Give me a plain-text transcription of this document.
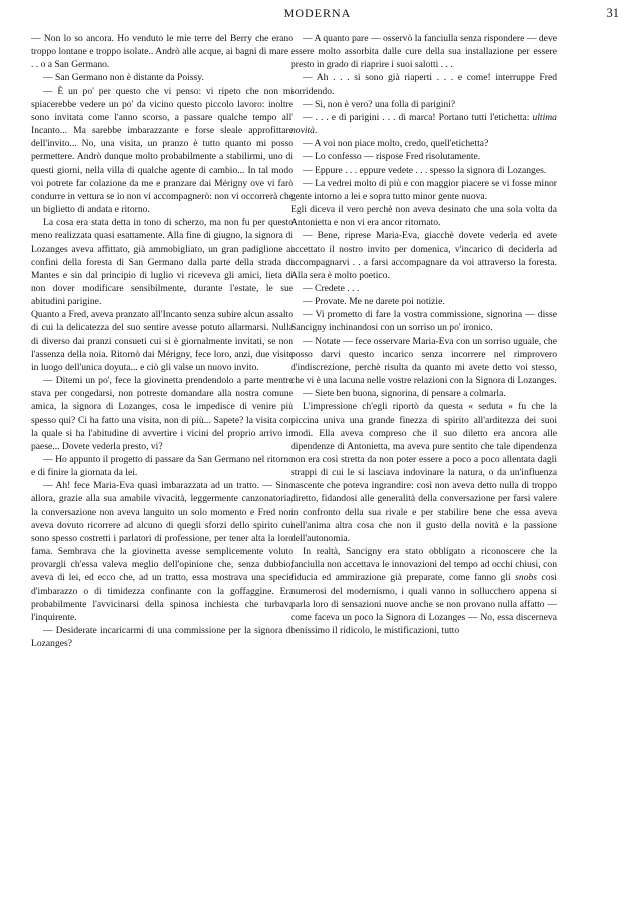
MODERNA	31

— Non lo so ancora. Ho venduto le mie terre del Berry che erano troppo lontane e troppo isolate.. Andrò alle acque, ai bagni di mare . . . o a San Germano.

— San Germano non è distante da Poissy.

— È un po' per questo che vi penso: vi ripeto che non mi spiacerebbe vedere un po' da vicino questo piccolo lavoro: inoltre sono invitata come l'anno scorso, a passare qualche tempo all' Incanto... Ma sarebbe imbarazzante e forse sleale approfittare dell'invito... No, una visita, un pranzo è tutto quanto mi posso permettere. Andrò dunque molto probabilmente a stabilirmi, uno di questi giorni, nella villa di qualche agente di cambio... In tal modo voi potrete far colazione da me e pranzare dai Mérigny ove vi farò condurre in vettura se io non vi accompagnerò: non vi occorrerà che un biglietto di andata e ritorno.

La cosa era stata detta in tono di scherzo, ma non fu per questo meno realizzata quasi esattamente. Alla fine di giugno, la signora di Lozanges aveva affittato, già ammobigliato, un gran padiglione ai confini della foresta di San Germano dalla parte della strada di Mantes e sin dal principio di luglio vi riceveva gli amici, lieta di non dover modificare sensibilmente, durante l'estate, le sue abitudini parigine.

Quanto a Fred, aveva pranzato all'Incanto senza subire alcun assalto di cui la delicatezza del suo sentire avesse potuto allarmarsi. Nulla di diverso dai pranzi consueti cui si è giornalmente invitati, se non l'assenza della noia. Ritornò dai Mérigny, fece loro, anzi, due visite in luogo dell'unica doyuta... e ciò gli valse un nuovo invito.

— Ditemi un po', fece la giovinetta prendendolo a parte mentre stava per congedarsi, non potreste domandare alla nostra comune amica, la signora di Lozanges, cosa le impedisce di venire più spesso qui? Ci ha fatto una visita, non di più... Sapete? la visita con la quale si ha l'abitudine di avvertire i vicini del proprio arrivo in paese... Dovete vederla presto, vi?

— Ho appunto il progetto di passare da San Germano nel ritorno e di finire la giornata da lei.

— Ah! fece Maria-Eva quasi imbarazzata ad un tratto. — Sino allora, grazie alla sua amabile vivacità, leggermente canzonatoria, la conversazione non aveva languito un solo momento e Fred non aveva dovuto ricorrere ad alcuno di quegli sforzi dello spirito cui sono spesso costretti i parlatori di professione, per tener alta la loro fama. Sembrava che la giovinetta avesse semplicemente voluto provargli ch'essa valeva meglio dell'opinione che, senza dubbio, aveva di lei, ed ecco che, ad un tratto, essa mostrava una specie d'imbarazzo o di timidezza confinante con la goffaggine. Era probabilmente l'avvicinarsi della spinosa inchiesta che turbava l'inquirente.

— Desiderate incaricarmi di una commissione per la signora di Lozanges?

— A quanto pare — osservò la fanciulla senza rispondere — deve essere molto assorbita dalle cure della sua installazione per essere presto in grado di riaprire i suoi salotti . . .

— Ah . . . si sono già riaperti . . . e come! interruppe Fred sorridendo.

— Sì, non è vero? una folla di parigini?

— . . . e di parigini . . . di marca! Portano tutti l'etichetta: ultima novità.

— A voi non piace molto, credo, quell'etichetta?

— Lo confesso — rispose Fred risolutamente.

— Eppure . . . eppure vedete . . . spesso la signora di Lozanges.

— La vedrei molto di più e con maggior piacere se vi fosse minor gente intorno a lei e sopra tutto minor gente nuova.

Egli diceva il vero perchè non aveva desinato che una sola volta da Antonietta e non vi era ancor ritornato.

— Bene, riprese Maria-Eva, giacchè dovete vederla ed avete accettato il nostro invito per domenica, v'incarico di deciderla ad accompagnarvi . . a farsi accompagnare da voi attraverso la foresta. Alla sera è molto poetico.

— Credete . . .

— Provate. Me ne darete poi notizie.

— Vi prometto di fare la vostra commissione, signorina — disse Sancigny inchinandosi con un sorriso un po' ironico.

— Notate — fece osservare Maria-Eva con un sorriso uguale, che posso darvi questo incarico senza incorrere nel rimprovero d'indiscrezione, perchè risulta da quanto mi avete detto voi stesso, che vi è una lacuna nelle vostre relazioni con la Signora di Lozanges.

— Siete ben buona, signorina, di pensare a colmarla.

L'impressione ch'egli riportò da questa « seduta » fu che la piccina univa una grande finezza di spirito all'arditezza dei suoi modi. Ella aveva compreso che il suo diletto era ancora alle dipendenze di Antonietta, ma aveva pure sentito che tale dipendenza non era così stretta da non poter essere a poco a poco allentata dagli strappi di cui le si lasciava indovinare la natura, o da un'influenza nascente che poteva ingrandire: così non aveva detto nulla di troppo diretto, fidandosi alle generalità della conversazione per farsi valere in confronto della sua rivale e per stabilire bene che essa aveva nell'anima altra cosa che non il gusto della novità e la passione dell'autonomia.

In realtà, Sancigny era stato obbligato a riconoscere che la fanciulla non accettava le innovazioni del tempo ad occhi chiusi, con fiducia ed ammirazione già preparate, come fanno gli snobs così numerosi del modernismo, i quali vanno in sollucchero appena si parla loro di sensazioni nuove anche se non provano nulla affatto — come faceva un poco la Signora di Lozanges — No, essa discerneva benissimo il ridicolo, le mistificazioni, tutto
